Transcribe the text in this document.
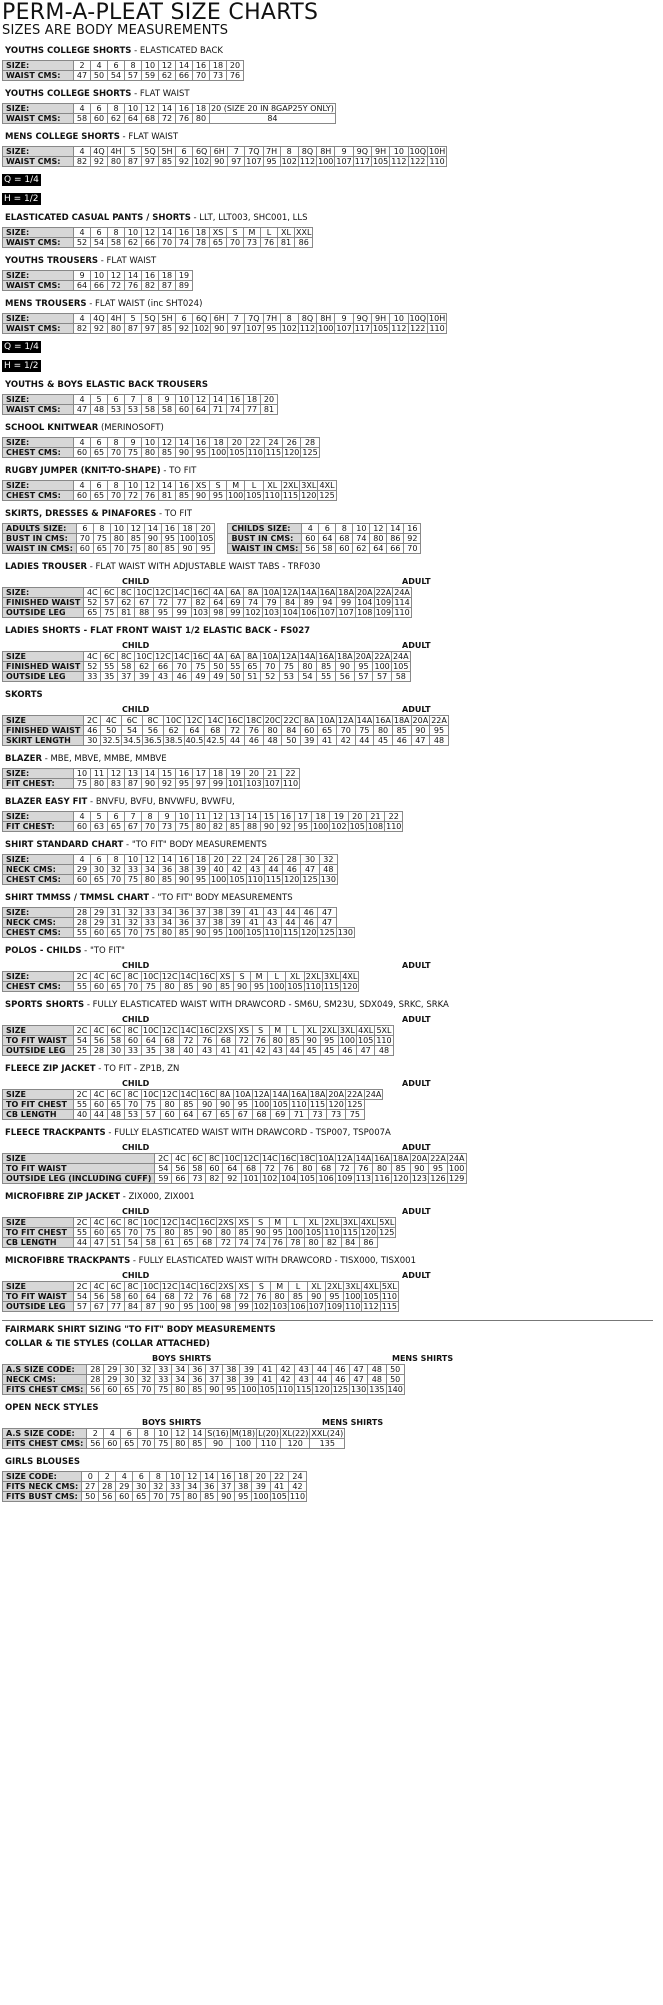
PERM-A-PLEAT SIZE CHARTS
SIZES ARE BODY MEASUREMENTS
YOUTHS COLLEGE SHORTS - ELASTICATED BACK
SIZE:	2	4	6	8	10	12	14	16	18	20
WAIST CMS:	47	50	54	57	59	62	66	70	73	76
YOUTHS COLLEGE SHORTS - FLAT WAIST
SIZE:	4	6	8	10	12	14	16	18	20 (SIZE 20 IN 8GAP25Y ONLY)
WAIST CMS:	58	60	62	64	68	72	76	80	84
MENS COLLEGE SHORTS - FLAT WAIST
SIZE:	4	4Q	4H	5	5Q	5H	6	6Q	6H	7	7Q	7H	8	8Q	8H	9	9Q	9H	10	10Q	10H
WAIST CMS:	82	92	80	87	97	85	92	102	90	97	107	95	102	112	100	107	117	105	112	122	110
Q = 1/4
H = 1/2

ELASTICATED CASUAL PANTS / SHORTS - LLT, LLT003, SHC001, LLS
SIZE:	4	6	8	10	12	14	16	18	XS	S	M	L	XL	XXL
WAIST CMS:	52	54	58	62	66	70	74	78	65	70	73	76	81	86
YOUTHS TROUSERS - FLAT WAIST
SIZE:	9	10	12	14	16	18	19
WAIST CMS:	64	66	72	76	82	87	89
MENS TROUSERS - FLAT WAIST (inc SHT024)
SIZE:	4	4Q	4H	5	5Q	5H	6	6Q	6H	7	7Q	7H	8	8Q	8H	9	9Q	9H	10	10Q	10H
WAIST CMS:	82	92	80	87	97	85	92	102	90	97	107	95	102	112	100	107	117	105	112	122	110
Q = 1/4
H = 1/2

YOUTHS & BOYS ELASTIC BACK TROUSERS
SIZE:	4	5	6	7	8	9	10	12	14	16	18	20
WAIST CMS:	47	48	53	53	58	58	60	64	71	74	77	81
SCHOOL KNITWEAR (MERINOSOFT)
SIZE:	4	6	8	9	10	12	14	16	18	20	22	24	26	28
CHEST CMS:	60	65	70	75	80	85	90	95	100	105	110	115	120	125
RUGBY JUMPER (KNIT-TO-SHAPE) - TO FIT
SIZE:	4	6	8	10	12	14	16	XS	S	M	L	XL	2XL	3XL	4XL
CHEST CMS:	60	65	70	72	76	81	85	90	95	100	105	110	115	120	125
SKIRTS, DRESSES & PINAFORES - TO FIT
ADULTS SIZE:	6	8	10	12	14	16	18	20
BUST IN CMS:	70	75	80	85	90	95	100	105
WAIST IN CMS:	60	65	70	75	80	85	90	95
CHILDS SIZE:	4	6	8	10	12	14	16
BUST IN CMS:	60	64	68	74	80	86	92
WAIST IN CMS:	56	58	60	62	64	66	70
LADIES TROUSER - FLAT WAIST WITH ADJUSTABLE WAIST TABS - TRF030
CHILD	ADULT
SIZE:	4C	6C	8C	10C	12C	14C	16C	4A	6A	8A	10A	12A	14A	16A	18A	20A	22A	24A
FINISHED WAIST	52	57	62	67	72	77	82	64	69	74	79	84	89	94	99	104	109	114
OUTSIDE LEG	65	75	81	88	95	99	103	98	99	102	103	104	106	107	107	108	109	110
LADIES SHORTS - FLAT FRONT WAIST 1/2 ELASTIC BACK - FS027
CHILD	ADULT
SIZE	4C	6C	8C	10C	12C	14C	16C	4A	6A	8A	10A	12A	14A	16A	18A	20A	22A	24A
FINISHED WAIST	52	55	58	62	66	70	75	50	55	65	70	75	80	85	90	95	100	105
OUTSIDE LEG	33	35	37	39	43	46	49	49	50	51	52	53	54	55	56	57	57	58
SKORTS
CHILD	ADULT
SIZE	2C	4C	6C	8C	10C	12C	14C	16C	18C	20C	22C	8A	10A	12A	14A	16A	18A	20A	22A
FINISHED WAIST	46	50	54	56	62	64	68	72	76	80	84	60	65	70	75	80	85	90	95
SKIRT LENGTH	30	32.5	34.5	36.5	38.5	40.5	42.5	44	46	48	50	39	41	42	44	45	46	47	48
BLAZER - MBE, MBVE, MMBE, MMBVE
SIZE:	10	11	12	13	14	15	16	17	18	19	20	21	22
FIT CHEST:	75	80	83	87	90	92	95	97	99	101	103	107	110
BLAZER EASY FIT - BNVFU, BVFU, BNVWFU, BVWFU,
SIZE:	4	5	6	7	8	9	10	11	12	13	14	15	16	17	18	19	20	21	22
FIT CHEST:	60	63	65	67	70	73	75	80	82	85	88	90	92	95	100	102	105	108	110
SHIRT STANDARD CHART - "TO FIT" BODY MEASUREMENTS
SIZE:	4	6	8	10	12	14	16	18	20	22	24	26	28	30	32
NECK CMS:	29	30	32	33	34	36	38	39	40	42	43	44	46	47	48
CHEST CMS:	60	65	70	75	80	85	90	95	100	105	110	115	120	125	130
SHIRT TMMSS / TMMSL CHART - "TO FIT" BODY MEASUREMENTS
SIZE:	28	29	31	32	33	34	36	37	38	39	41	43	44	46	47	
NECK CMS:	28	29	31	32	33	34	36	37	38	39	41	43	44	46	47	
CHEST CMS:	55	60	65	70	75	80	85	90	95	100	105	110	115	120	125	130
POLOS - CHILDS - "TO FIT"
CHILD	ADULT
SIZE:	2C	4C	6C	8C	10C	12C	14C	16C	XS	S	M	L	XL	2XL	3XL	4XL
CHEST CMS:	55	60	65	70	75	80	85	90	85	90	95	100	105	110	115	120
SPORTS SHORTS - FULLY ELASTICATED WAIST WITH DRAWCORD - SM6U, SM23U, SDX049, SRKC, SRKA
CHILD	ADULT
SIZE	2C	4C	6C	8C	10C	12C	14C	16C	2XS	XS	S	M	L	XL	2XL	3XL	4XL	5XL
TO FIT WAIST	54	56	58	60	64	68	72	76	68	72	76	80	85	90	95	100	105	110
OUTSIDE LEG	25	28	30	33	35	38	40	43	41	41	42	43	44	45	45	46	47	48
FLEECE ZIP JACKET - TO FIT - ZP1B, ZN
CHILD	ADULT
SIZE	2C	4C	6C	8C	10C	12C	14C	16C	8A	10A	12A	14A	16A	18A	20A	22A	24A
TO FIT CHEST	55	60	65	70	75	80	85	90	90	95	100	105	110	115	120	125	
CB LENGTH	40	44	48	53	57	60	64	67	65	67	68	69	71	73	73	75	
FLEECE TRACKPANTS - FULLY ELASTICATED WAIST WITH DRAWCORD - TSP007, TSP007A
CHILD	ADULT
SIZE	2C	4C	6C	8C	10C	12C	14C	16C	18C	10A	12A	14A	16A	18A	20A	22A	24A
TO FIT WAIST	54	56	58	60	64	68	72	76	80	68	72	76	80	85	90	95	100
OUTSIDE LEG (INCLUDING CUFF)	59	66	73	82	92	101	102	104	105	106	109	113	116	120	123	126	129
MICROFIBRE ZIP JACKET - ZIX000, ZIX001
CHILD	ADULT
SIZE	2C	4C	6C	8C	10C	12C	14C	16C	2XS	XS	S	M	L	XL	2XL	3XL	4XL	5XL
TO FIT CHEST	55	60	65	70	75	80	85	90	80	85	90	95	100	105	110	115	120	125
CB LENGTH	44	47	51	54	58	61	65	68	72	74	74	76	78	80	82	84	86	
MICROFIBRE TRACKPANTS - FULLY ELASTICATED WAIST WITH DRAWCORD - TISX000, TISX001
CHILD	ADULT
SIZE	2C	4C	6C	8C	10C	12C	14C	16C	2XS	XS	S	M	L	XL	2XL	3XL	4XL	5XL
TO FIT WAIST	54	56	58	60	64	68	72	76	68	72	76	80	85	90	95	100	105	110
OUTSIDE LEG	57	67	77	84	87	90	95	100	98	99	102	103	106	107	109	110	112	115
FAIRMARK SHIRT SIZING "TO FIT" BODY MEASUREMENTS
COLLAR & TIE STYLES (COLLAR ATTACHED)
BOYS SHIRTS	MENS SHIRTS
A.S SIZE CODE:	28	29	30	32	33	34	36	37	38	39	41	42	43	44	46	47	48	50
NECK CMS:	28	29	30	32	33	34	36	37	38	39	41	42	43	44	46	47	48	50
FITS CHEST CMS:	56	60	65	70	75	80	85	90	95	100	105	110	115	120	125	130	135	140
OPEN NECK STYLES
BOYS SHIRTS	MENS SHIRTS
A.S SIZE CODE:	2	4	6	8	10	12	14	S(16)	M(18)	L(20)	XL(22)	XXL(24)
FITS CHEST CMS:	56	60	65	70	75	80	85	90	100	110	120	135
GIRLS BLOUSES
SIZE CODE:	0	2	4	6	8	10	12	14	16	18	20	22	24
FITS NECK CMS:	27	28	29	30	32	33	34	36	37	38	39	41	42
FITS BUST CMS:	50	56	60	65	70	75	80	85	90	95	100	105	110
